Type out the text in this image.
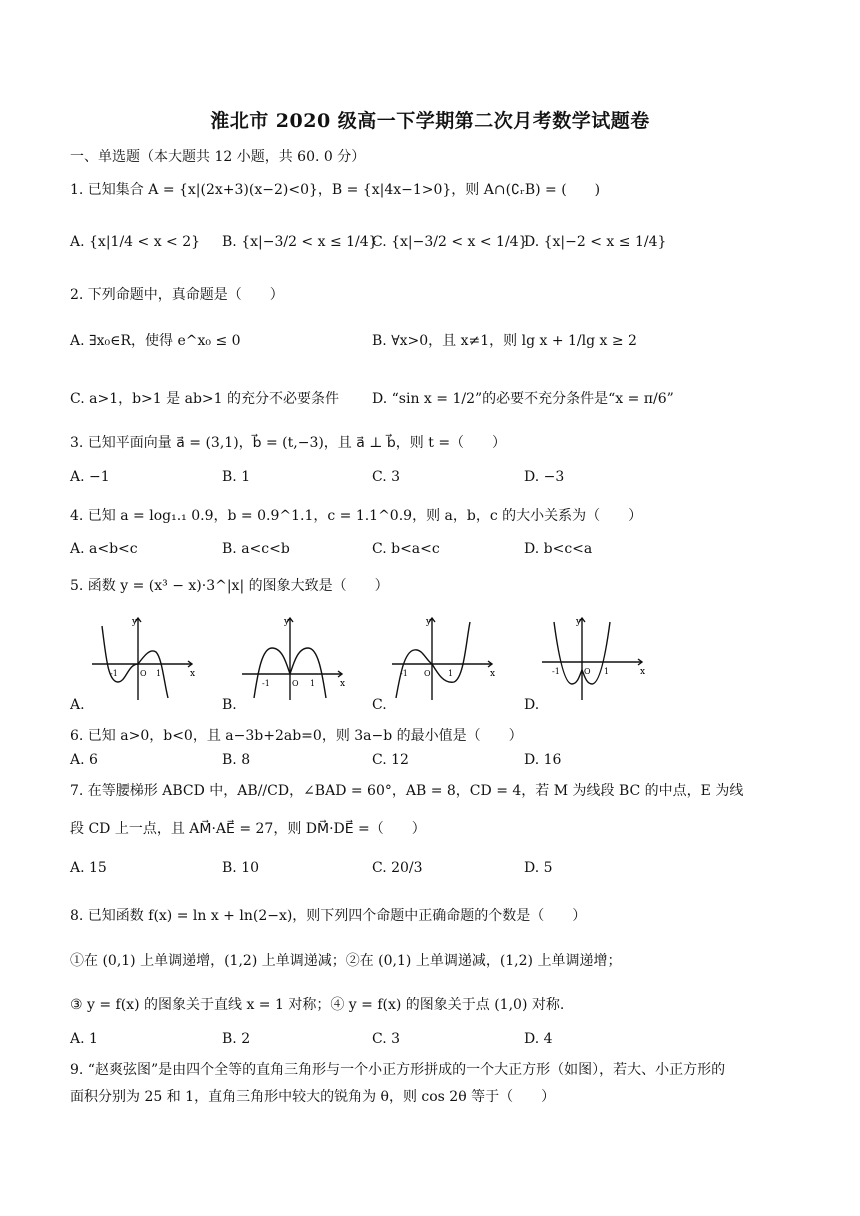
淮北市 2020 级高一下学期第二次月考数学试题卷
一、单选题（本大题共 12 小题，共 60. 0 分）
1. 已知集合 A = {x|(2x+3)(x−2)<0}，B = {x|4x−1>0}，则 A∩(∁ᵣB) = (　　)
A. {x|1/4 < x < 2} B. {x|−3/2 < x ≤ 1/4}
C. {x|−3/2 < x < 1/4}
D. {x|−2 < x ≤ 1/4}
2. 下列命题中，真命题是（　　）
A. ∃x₀∈R，使得 e^x₀ ≤ 0	B. ∀x>0，且 x≠1，则 lg x + 1/lg x ≥ 2
C. a>1，b>1 是 ab>1 的充分不必要条件 D. “sin x = 1/2”的必要不充分条件是“x = π/6”
3. 已知平面向量 a⃗ = (3,1)，b⃗ = (t,−3)，且 a⃗ ⊥ b⃗，则 t =（　　）
A. −1	B. 1	C. 3	D. −3
4. 已知 a = log₁.₁ 0.9，b = 0.9^1.1，c = 1.1^0.9，则 a，b，c 的大小关系为（　　）
A. a<b<c	B. a<c<b	C. b<a<c	D. b<c<a
5. 函数 y = (x³ − x)·3^|x| 的图象大致是（　　）
y
x
-1	O 1
y
x
-1	O 1
y
x
-1 O 1
y
x
-1	O 1
A.	B.	C.	D.
6. 已知 a>0，b<0，且 a−3b+2ab=0，则 3a−b 的最小值是（　　）
A. 6	B. 8	C. 12	D. 16
7. 在等腰梯形 ABCD 中，AB//CD，∠BAD = 60°，AB = 8，CD = 4，若 M 为线段 BC 的中点，E 为线
段 CD 上一点，且 AM⃗·AE⃗ = 27，则 DM⃗·DE⃗ =（　　）
A. 15	B. 10	C. 20/3	D. 5
8. 已知函数 f(x) = ln x + ln(2−x)，则下列四个命题中正确命题的个数是（　　）
①在 (0,1) 上单调递增，(1,2) 上单调递减；②在 (0,1) 上单调递减，(1,2) 上单调递增；
③ y = f(x) 的图象关于直线 x = 1 对称；④ y = f(x) 的图象关于点 (1,0) 对称.
A. 1	B. 2	C. 3	D. 4
9. “赵爽弦图”是由四个全等的直角三角形与一个小正方形拼成的一个大正方形（如图），若大、小正方形的
面积分别为 25 和 1，直角三角形中较大的锐角为 θ，则 cos 2θ 等于（　　）
